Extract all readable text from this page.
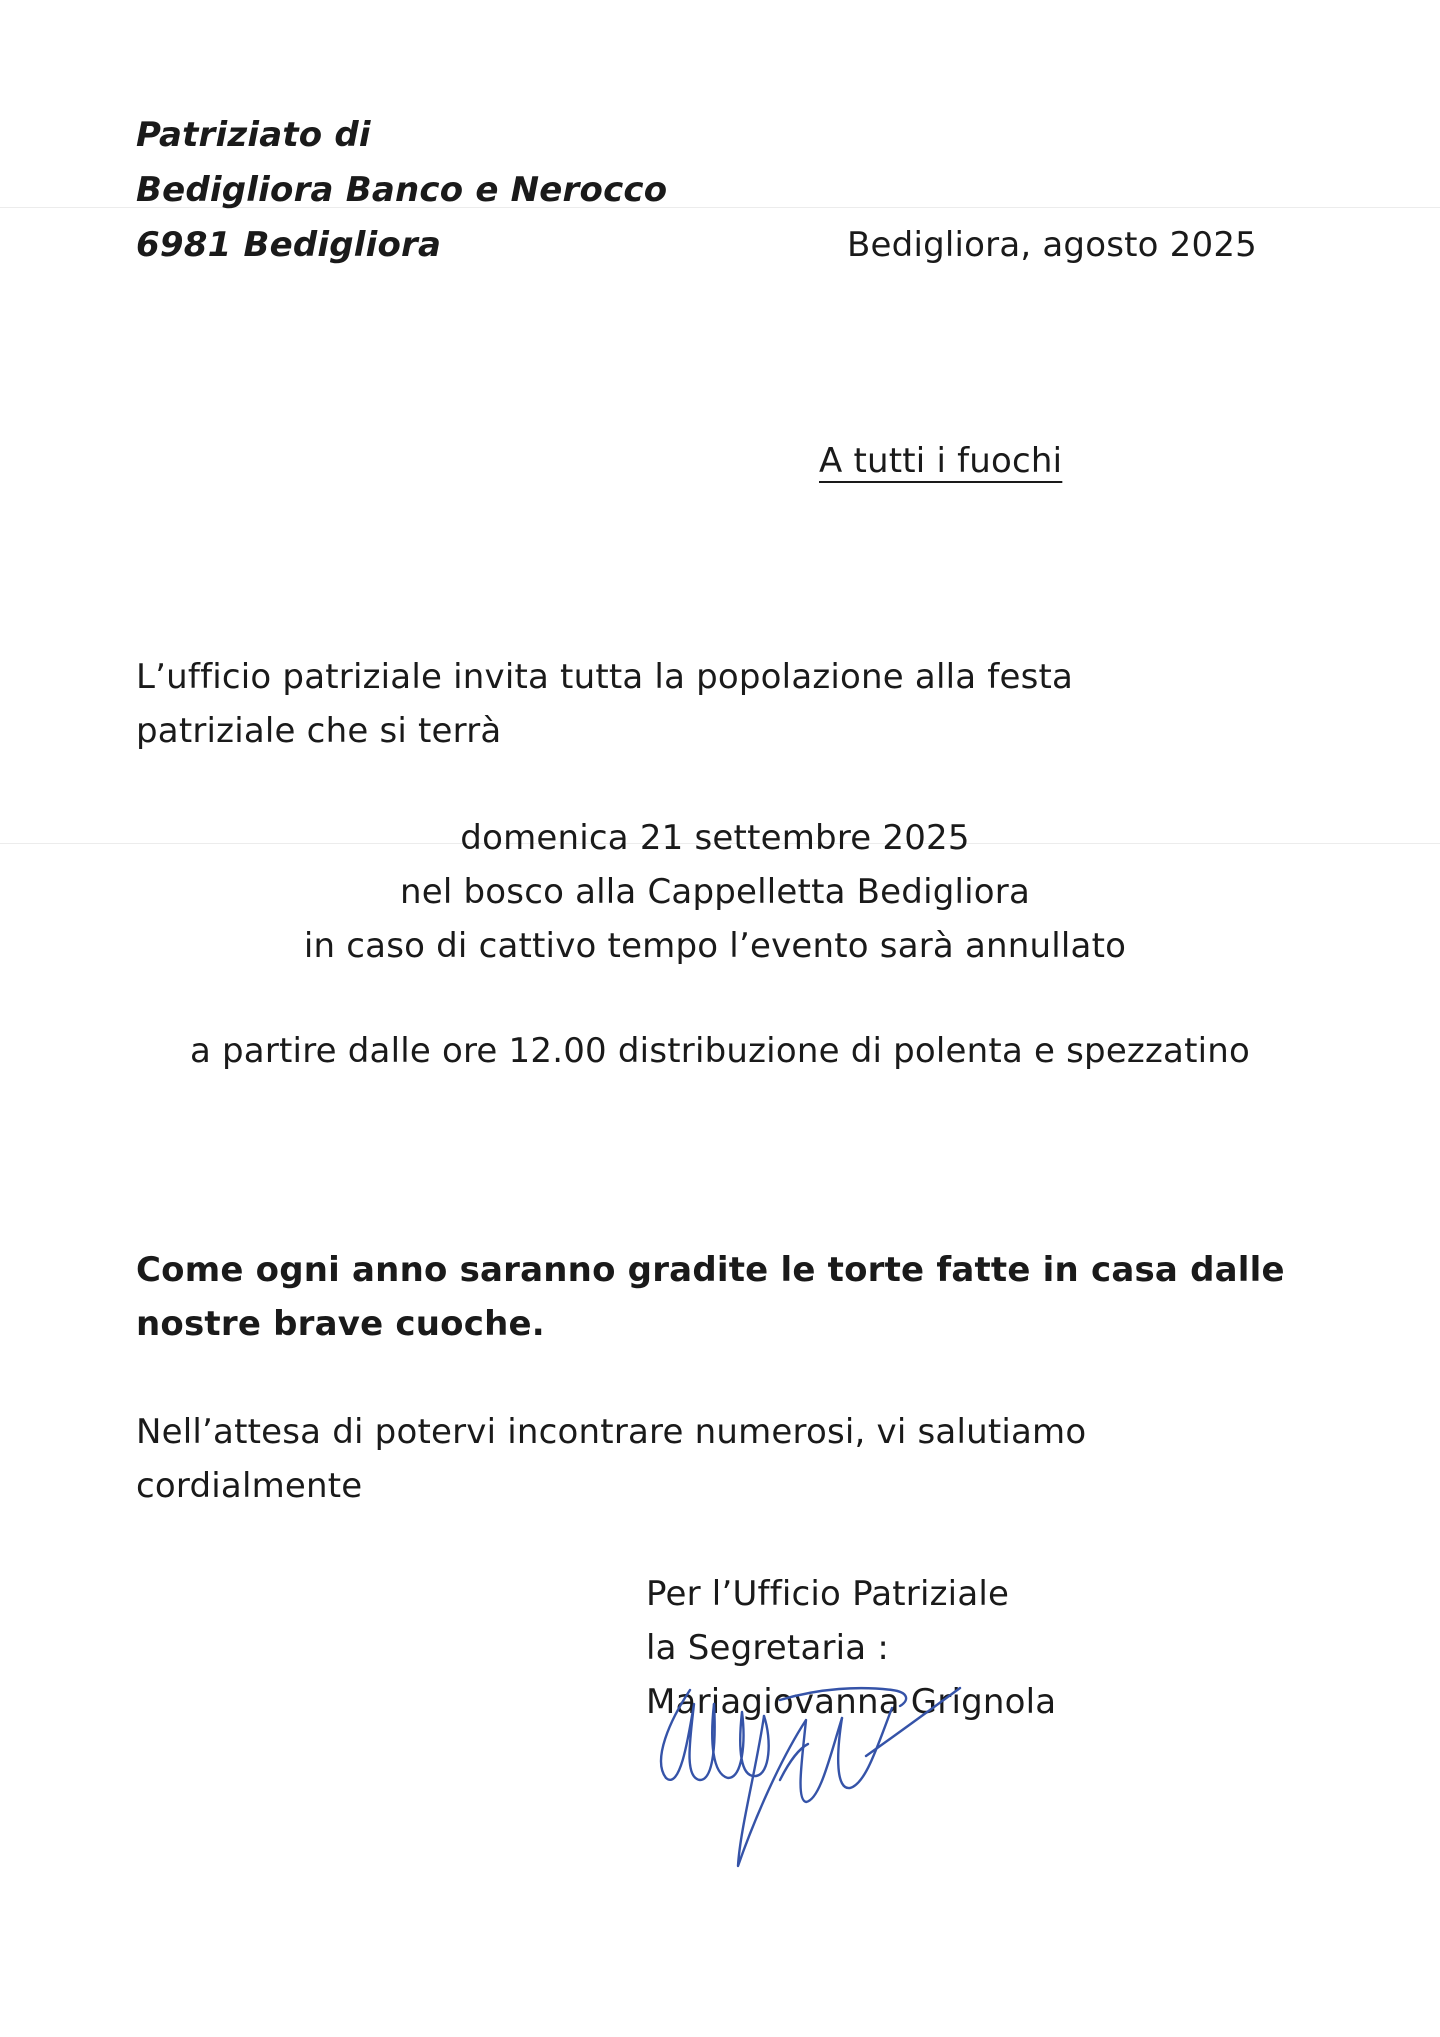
Patriziato di
Bedigliora Banco e Nerocco
6981 Bedigliora	Bedigliora, agosto 2025
A tutti i fuochi
L’ufficio patriziale invita tutta la popolazione alla festa
patriziale che si terrà
domenica 21 settembre 2025
nel bosco alla Cappelletta Bedigliora
in caso di cattivo tempo l’evento sarà annullato
a partire dalle ore 12.00 distribuzione di polenta e spezzatino
Come ogni anno saranno gradite le torte fatte in casa dalle
nostre brave cuoche.
Nell’attesa di potervi incontrare numerosi, vi salutiamo
cordialmente
Per l’Ufficio Patriziale
la Segretaria :
Mariagiovanna Grignola
